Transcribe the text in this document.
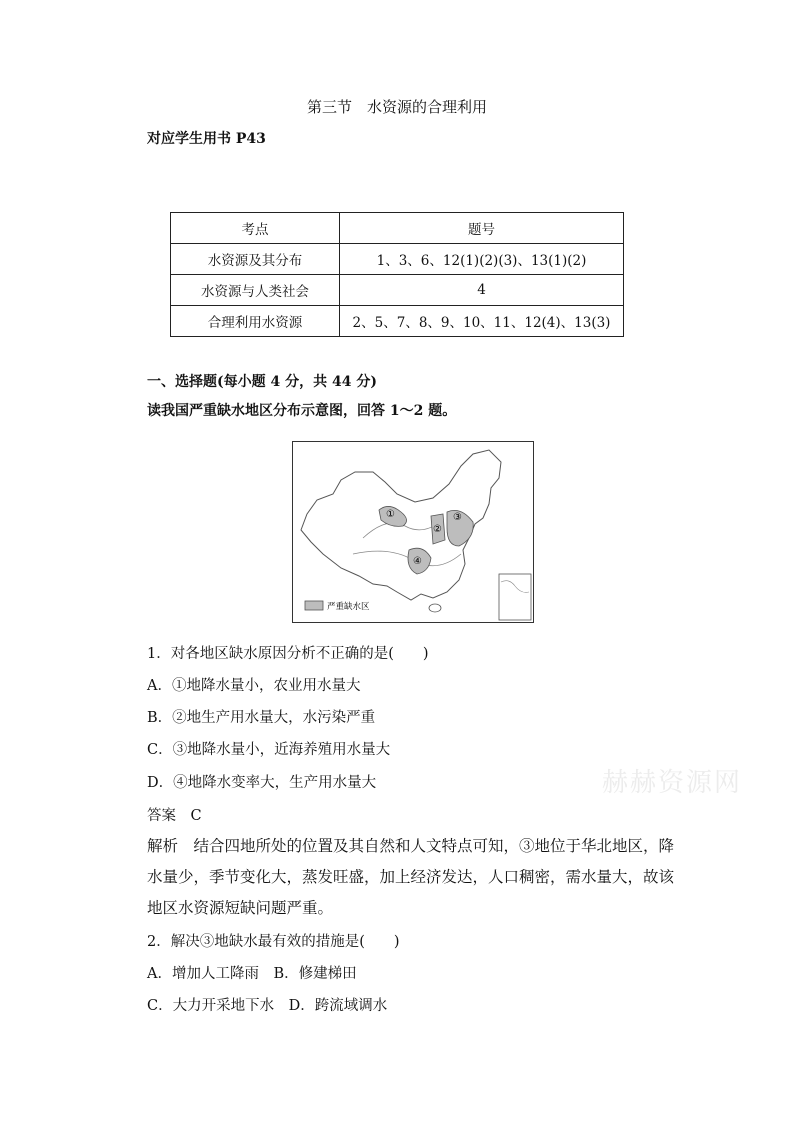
第三节　水资源的合理利用
对应学生用书 P43
考点	题号
水资源及其分布	1、3、6、12(1)(2)(3)、13(1)(2)
水资源与人类社会	4
合理利用水资源	2、5、7、8、9、10、11、12(4)、13(3)
一、选择题(每小题 4 分，共 44 分)
读我国严重缺水地区分布示意图，回答 1～2 题。
①
②
③
④
严重缺水区
1．对各地区缺水原因分析不正确的是(　　)
A．①地降水量小，农业用水量大
B．②地生产用水量大，水污染严重
C．③地降水量小，近海养殖用水量大
D．④地降水变率大，生产用水量大
答案　C
解析　结合四地所处的位置及其自然和人文特点可知，③地位于华北地区，降水量少，季节变化大，蒸发旺盛，加上经济发达，人口稠密，需水量大，故该地区水资源短缺问题严重。
2．解决③地缺水最有效的措施是(　　)
A．增加人工降雨　B．修建梯田
C．大力开采地下水　D．跨流域调水
赫赫资源网
